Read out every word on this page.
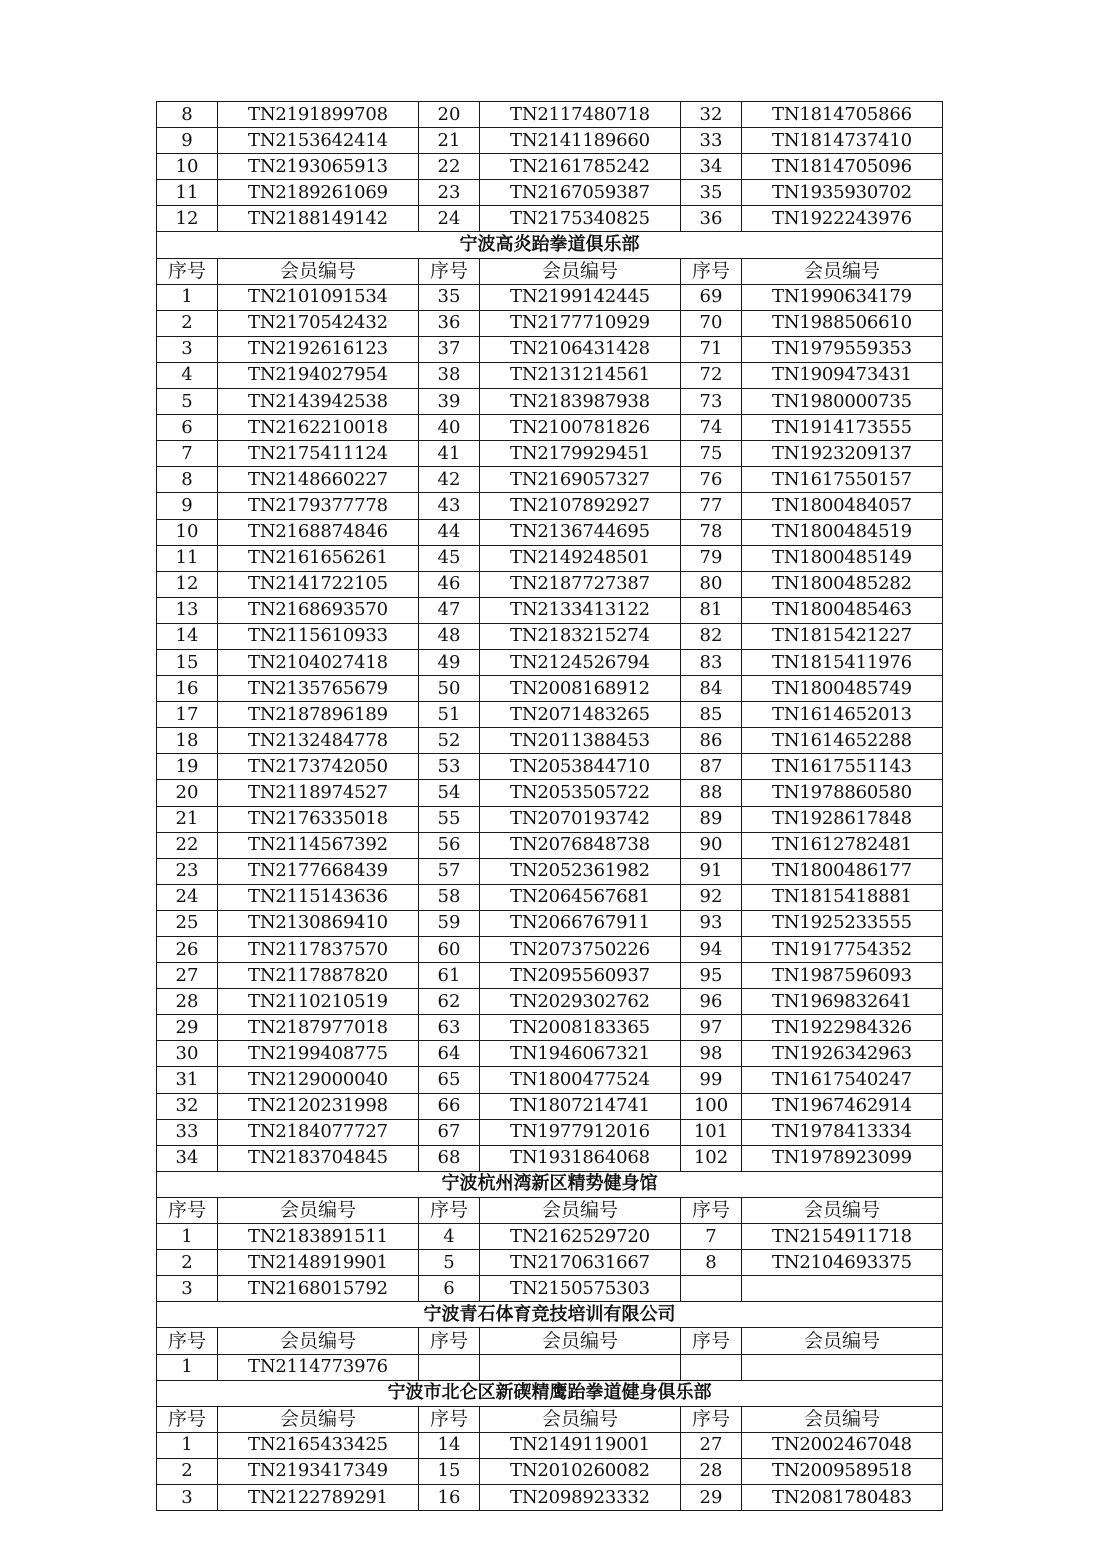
8	TN2191899708	20	TN2117480718	32	TN1814705866
9	TN2153642414	21	TN2141189660	33	TN1814737410
10	TN2193065913	22	TN2161785242	34	TN1814705096
11	TN2189261069	23	TN2167059387	35	TN1935930702
12	TN2188149142	24	TN2175340825	36	TN1922243976
宁波高炎跆拳道俱乐部					
序号	会员编号	序号	会员编号	序号	会员编号
1	TN2101091534	35	TN2199142445	69	TN1990634179
2	TN2170542432	36	TN2177710929	70	TN1988506610
3	TN2192616123	37	TN2106431428	71	TN1979559353
4	TN2194027954	38	TN2131214561	72	TN1909473431
5	TN2143942538	39	TN2183987938	73	TN1980000735
6	TN2162210018	40	TN2100781826	74	TN1914173555
7	TN2175411124	41	TN2179929451	75	TN1923209137
8	TN2148660227	42	TN2169057327	76	TN1617550157
9	TN2179377778	43	TN2107892927	77	TN1800484057
10	TN2168874846	44	TN2136744695	78	TN1800484519
11	TN2161656261	45	TN2149248501	79	TN1800485149
12	TN2141722105	46	TN2187727387	80	TN1800485282
13	TN2168693570	47	TN2133413122	81	TN1800485463
14	TN2115610933	48	TN2183215274	82	TN1815421227
15	TN2104027418	49	TN2124526794	83	TN1815411976
16	TN2135765679	50	TN2008168912	84	TN1800485749
17	TN2187896189	51	TN2071483265	85	TN1614652013
18	TN2132484778	52	TN2011388453	86	TN1614652288
19	TN2173742050	53	TN2053844710	87	TN1617551143
20	TN2118974527	54	TN2053505722	88	TN1978860580
21	TN2176335018	55	TN2070193742	89	TN1928617848
22	TN2114567392	56	TN2076848738	90	TN1612782481
23	TN2177668439	57	TN2052361982	91	TN1800486177
24	TN2115143636	58	TN2064567681	92	TN1815418881
25	TN2130869410	59	TN2066767911	93	TN1925233555
26	TN2117837570	60	TN2073750226	94	TN1917754352
27	TN2117887820	61	TN2095560937	95	TN1987596093
28	TN2110210519	62	TN2029302762	96	TN1969832641
29	TN2187977018	63	TN2008183365	97	TN1922984326
30	TN2199408775	64	TN1946067321	98	TN1926342963
31	TN2129000040	65	TN1800477524	99	TN1617540247
32	TN2120231998	66	TN1807214741	100	TN1967462914
33	TN2184077727	67	TN1977912016	101	TN1978413334
34	TN2183704845	68	TN1931864068	102	TN1978923099
宁波杭州湾新区精势健身馆					
序号	会员编号	序号	会员编号	序号	会员编号
1	TN2183891511	4	TN2162529720	7	TN2154911718
2	TN2148919901	5	TN2170631667	8	TN2104693375
3	TN2168015792	6	TN2150575303		
宁波青石体育竞技培训有限公司					
序号	会员编号	序号	会员编号	序号	会员编号
1	TN2114773976				
宁波市北仑区新碶精鹰跆拳道健身俱乐部					
序号	会员编号	序号	会员编号	序号	会员编号
1	TN2165433425	14	TN2149119001	27	TN2002467048
2	TN2193417349	15	TN2010260082	28	TN2009589518
3	TN2122789291	16	TN2098923332	29	TN2081780483
